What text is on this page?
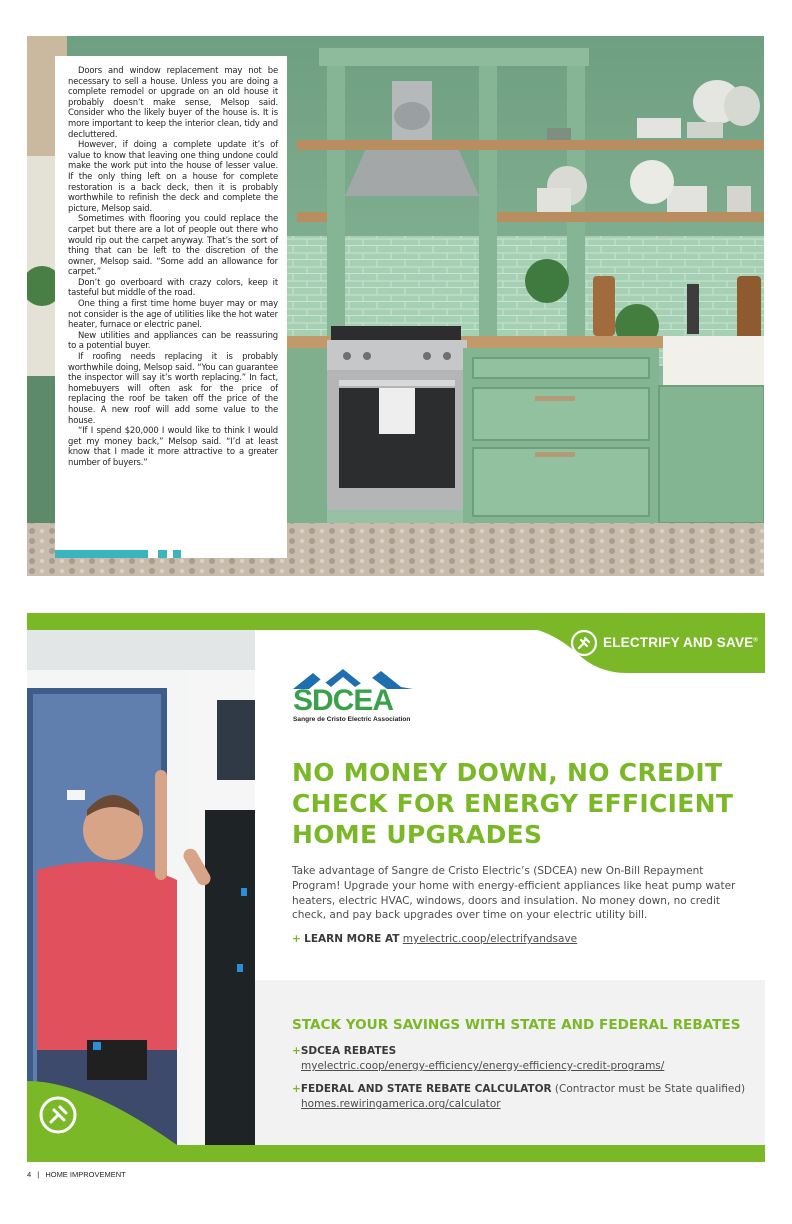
Doors and window replacement may not be necessary to sell a house. Unless you are doing a complete remodel or upgrade on an old house it probably doesn’t make sense, Melsop said. Consider who the likely buyer of the house is. It is more important to keep the interior clean, tidy and decluttered.

However, if doing a complete update it’s of value to know that leaving one thing undone could make the work put into the house of lesser value. If the only thing left on a house for complete restoration is a back deck, then it is probably worthwhile to refinish the deck and complete the picture, Melsop said.

Sometimes with flooring you could replace the carpet but there are a lot of people out there who would rip out the carpet anyway. That’s the sort of thing that can be left to the discretion of the owner, Melsop said. “Some add an allowance for carpet.”

Don’t go overboard with crazy colors, keep it tasteful but middle of the road.

One thing a first time home buyer may or may not consider is the age of utilities like the hot water heater, furnace or electric panel.

New utilities and appliances can be reassuring to a potential buyer.

If roofing needs replacing it is probably worthwhile doing, Melsop said. “You can guarantee the inspector will say it’s worth replacing.” In fact, homebuyers will often ask for the price of replacing the roof be taken off the price of the house. A new roof will add some value to the house.

“If I spend $20,000 I would like to think I would get my money back,” Melsop said. “I’d at least know that I made it more attractive to a greater number of buyers.”

ELECTRIFY AND SAVE®
SDCEA
Sangre de Cristo Electric Association
NO MONEY DOWN, NO CREDIT CHECK FOR ENERGY EFFICIENT HOME UPGRADES
Take advantage of Sangre de Cristo Electric’s (SDCEA) new On-Bill Repayment Program! Upgrade your home with energy-efficient appliances like heat pump water heaters, electric HVAC, windows, doors and insulation. No money down, no credit check, and pay back upgrades over time on your electric utility bill.
+ LEARN MORE AT myelectric.coop/electrifyandsave
STACK YOUR SAVINGS WITH STATE AND FEDERAL REBATES
+SDCEA REBATES
myelectric.coop/energy-efficiency/energy-efficiency-credit-programs/
+FEDERAL AND STATE REBATE CALCULATOR (Contractor must be State qualified)
homes.rewiringamerica.org/calculator
4 | HOME IMPROVEMENT
